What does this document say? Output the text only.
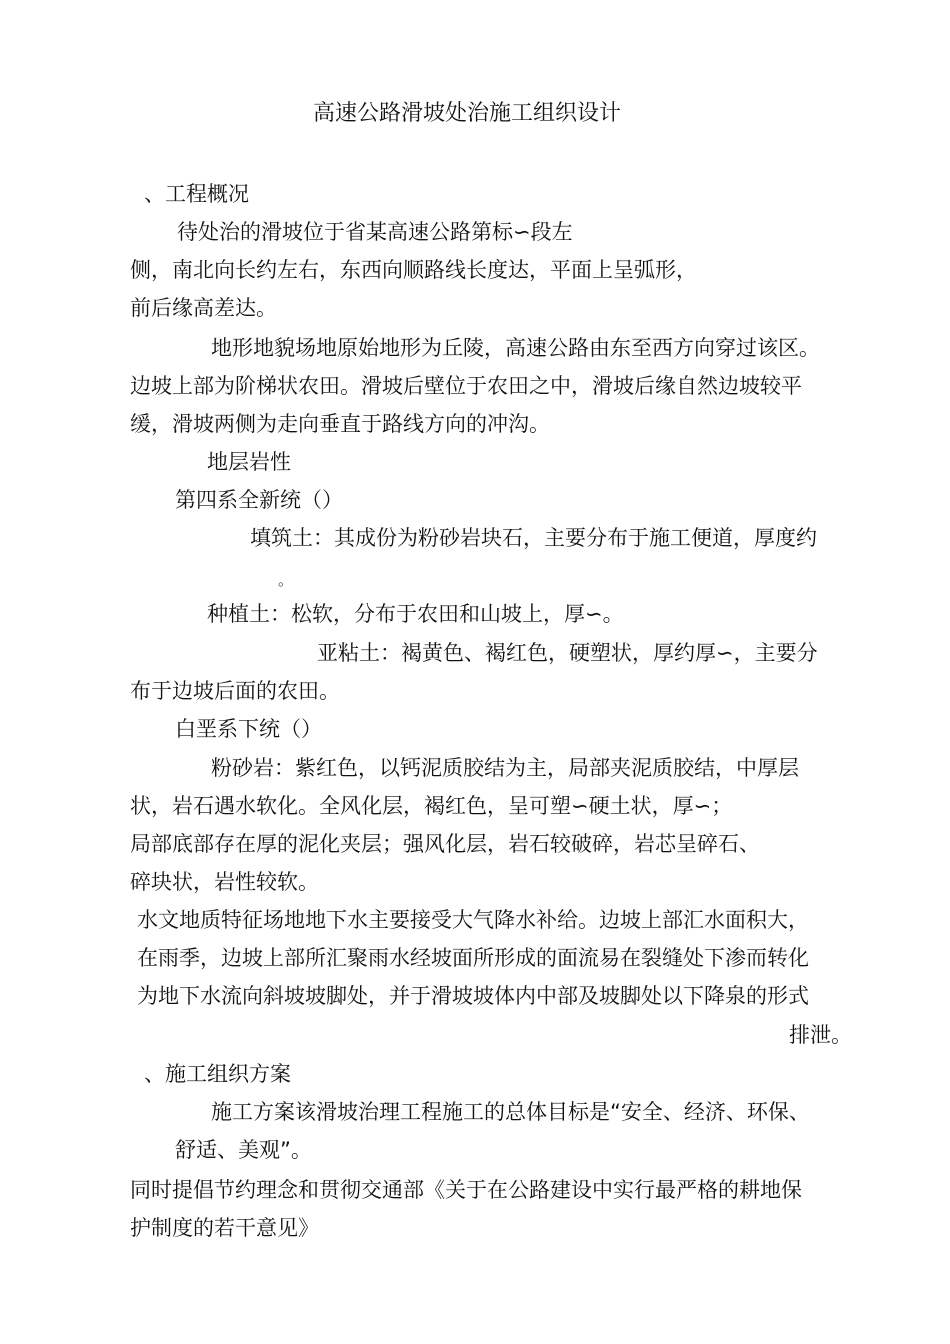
高速公路滑坡处治施工组织设计
、工程概况
待处治的滑坡位于省某高速公路第标∽段左
侧，南北向长约左右，东西向顺路线长度达，平面上呈弧形，
前后缘高差达。
地形地貌场地原始地形为丘陵，高速公路由东至西方向穿过该区。
边坡上部为阶梯状农田。滑坡后壁位于农田之中，滑坡后缘自然边坡较平
缓，滑坡两侧为走向垂直于路线方向的冲沟。
地层岩性
第四系全新统（）
填筑土：其成份为粉砂岩块石，主要分布于施工便道，厚度约
。
种植土：松软，分布于农田和山坡上，厚∽。
亚粘土：褐黄色、褐红色，硬塑状，厚约厚∽，主要分
布于边坡后面的农田。
白垩系下统（）
粉砂岩：紫红色，以钙泥质胶结为主，局部夹泥质胶结，中厚层
状，岩石遇水软化。全风化层，褐红色，呈可塑∽硬土状，厚∽；
局部底部存在厚的泥化夹层；强风化层，岩石较破碎，岩芯呈碎石、
碎块状，岩性较软。
水文地质特征场地地下水主要接受大气降水补给。边坡上部汇水面积大，
在雨季，边坡上部所汇聚雨水经坡面所形成的面流易在裂缝处下渗而转化
为地下水流向斜坡坡脚处，并于滑坡坡体内中部及坡脚处以下降泉的形式
排泄。
、施工组织方案
施工方案该滑坡治理工程施工的总体目标是“安全、经济、环保、
舒适、美观”。
同时提倡节约理念和贯彻交通部《关于在公路建设中实行最严格的耕地保
护制度的若干意见》
